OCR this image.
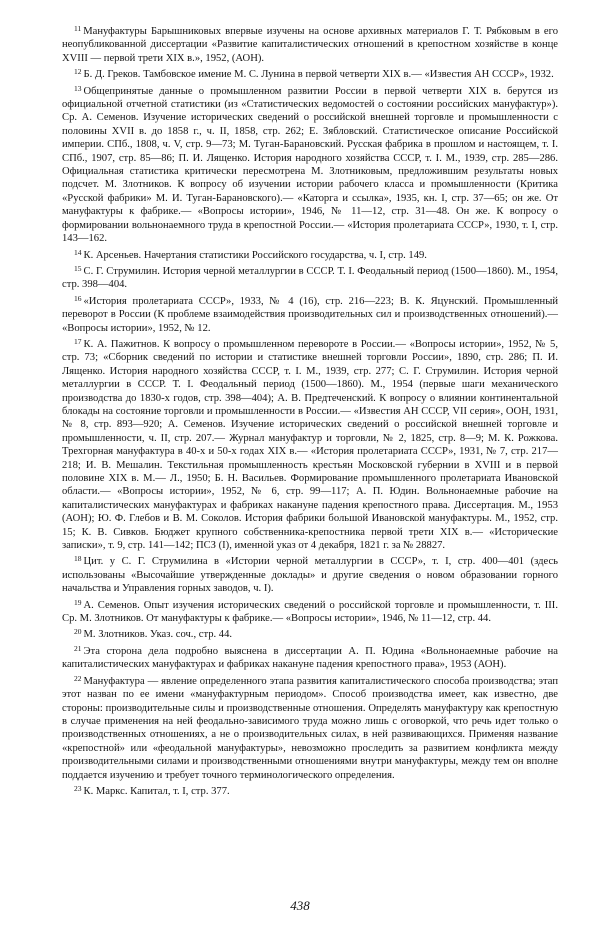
$^{11}$ Мануфактуры Барышниковых впервые изучены на основе архивных материалов Г. Т. Рябковым в его неопубликованной диссертации «Развитие капиталистических отношений в крепостном хозяйстве в конце XVIII — первой трети XIX в.», 1952, (АОН).

$^{12}$ Б. Д. Греков. Тамбовское имение М. С. Лунина в первой четверти XIX в.— «Известия АН СССР», 1932.

$^{13}$ Общепринятые данные о промышленном развитии России в первой четверти XIX в. берутся из официальной отчетной статистики (из «Статистических ведомостей о состоянии российских мануфактур»). Ср. А. Семенов. Изучение исторических сведений о российской внешней торговле и промышленности с половины XVII в. до 1858 г., ч. II, 1858, стр. 262; Е. Зябловский. Статистическое описание Российской империи. СПб., 1808, ч. V, стр. 9—73; М. Туган-Барановский. Русская фабрика в прошлом и настоящем, т. I. СПб., 1907, стр. 85—86; П. И. Лященко. История народного хозяйства СССР, т. I. М., 1939, стр. 285—286. Официальная статистика критически пересмотрена М. Злотниковым, предложившим результаты новых подсчет. М. Злотников. К вопросу об изучении истории рабочего класса и промышленности (Критика «Русской фабрики» М. И. Туган-Барановского).— «Каторга и ссылка», 1935, кн. I, стр. 37—65; он же. От мануфактуры к фабрике.— «Вопросы истории», 1946, № 11—12, стр. 31—48. Он же. К вопросу о формировании вольнонаемного труда в крепостной России.— «История пролетариата СССР», 1930, т. I, стр. 143—162.

$^{14}$ К. Арсеньев. Начертания статистики Российского государства, ч. I, стр. 149.

$^{15}$ С. Г. Струмилин. История черной металлургии в СССР. Т. I. Феодальный период (1500—1860). М., 1954, стр. 398—404.

$^{16}$ «История пролетариата СССР», 1933, № 4 (16), стр. 216—223; В. К. Яцунский. Промышленный переворот в России (К проблеме взаимодействия производительных сил и производственных отношений).— «Вопросы истории», 1952, № 12.

$^{17}$ К. А. Пажитнов. К вопросу о промышленном перевороте в России.— «Вопросы истории», 1952, № 5, стр. 73; «Сборник сведений по истории и статистике внешней торговли России», 1890, стр. 286; П. И. Лященко. История народного хозяйства СССР, т. I. М., 1939, стр. 277; С. Г. Струмилин. История черной металлургии в СССР. Т. I. Феодальный период (1500—1860). М., 1954 (первые шаги механического производства до 1830-х годов, стр. 398—404); А. В. Предтеченский. К вопросу о влиянии континентальной блокады на состояние торговли и промышленности в России.— «Известия АН СССР, VII серия», ООН, 1931, № 8, стр. 893—920; А. Семенов. Изучение исторических сведений о российской внешней торговле и промышленности, ч. II, стр. 207.— Журнал мануфактур и торговли, № 2, 1825, стр. 8—9; М. К. Рожкова. Трехгорная мануфактура в 40-х и 50-х годах XIX в.— «История пролетариата СССР», 1931, № 7, стр. 217—218; И. В. Мешалин. Текстильная промышленность крестьян Московской губернии в XVIII и в первой половине XIX в. М.— Л., 1950; Б. Н. Васильев. Формирование промышленного пролетариата Ивановской области.— «Вопросы истории», 1952, № 6, стр. 99—117; А. П. Юдин. Вольнонаемные рабочие на капиталистических мануфактурах и фабриках накануне падения крепостного права. Диссертация. М., 1953 (АОН); Ю. Ф. Глебов и В. М. Соколов. История фабрики большой Ивановской мануфактуры. М., 1952, стр. 15; К. В. Сивков. Бюджет крупного собственника-крепостника первой трети XIX в.— «Исторические записки», т. 9, стр. 141—142; ПСЗ (I), именной указ от 4 декабря, 1821 г. за № 28827.

$^{18}$ Цит. у С. Г. Струмилина в «Истории черной металлургии в СССР», т. I, стр. 400—401 (здесь использованы «Высочайшие утвержденные доклады» и другие сведения о новом образовании горного начальства и Управления горных заводов, ч. I).

$^{19}$ А. Семенов. Опыт изучения исторических сведений о российской торговле и промышленности, т. III. Ср. М. Злотников. От мануфактуры к фабрике.— «Вопросы истории», 1946, № 11—12, стр. 44.

$^{20}$ М. Злотников. Указ. соч., стр. 44.

$^{21}$ Эта сторона дела подробно выяснена в диссертации А. П. Юдина «Вольнонаемные рабочие на капиталистических мануфактурах и фабриках накануне падения крепостного права», 1953 (АОН).

$^{22}$ Мануфактура — явление определенного этапа развития капиталистического способа производства; этап этот назван по ее имени «мануфактурным периодом». Способ производства имеет, как известно, две стороны: производительные силы и производственные отношения. Определять мануфактуру как крепостную в случае применения на ней феодально-зависимого труда можно лишь с оговоркой, что речь идет только о производственных отношениях, а не о производительных силах, в ней развивающихся. Применяя название «крепостной» или «феодальной мануфактуры», невозможно проследить за развитием конфликта между производительными силами и производственными отношениями внутри мануфактуры, между тем он вполне поддается изучению и требует точного терминологического определения.

$^{23}$ К. Маркс. Капитал, т. I, стр. 377.

438
